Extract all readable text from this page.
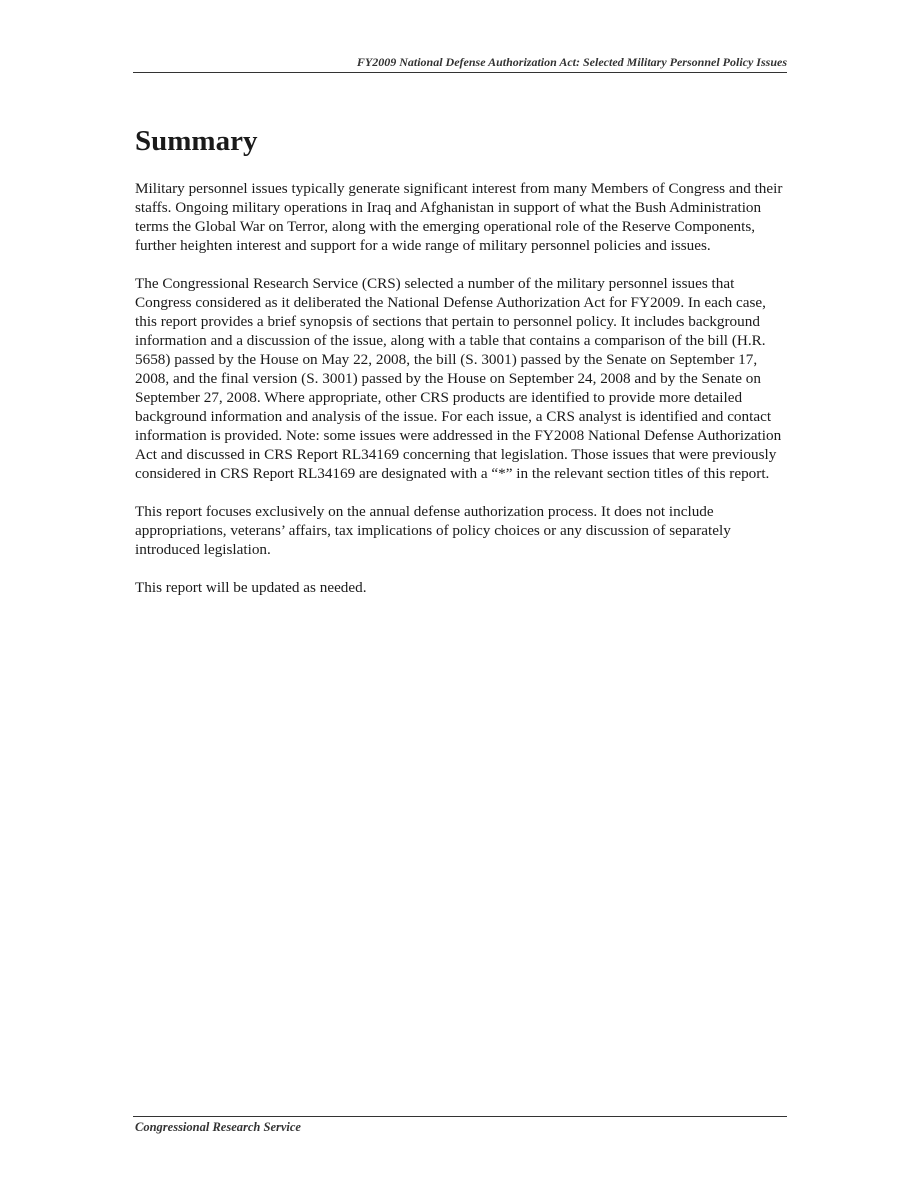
FY2009 National Defense Authorization Act: Selected Military Personnel Policy Issues
Summary

Military personnel issues typically generate significant interest from many Members of Congress and their staffs. Ongoing military operations in Iraq and Afghanistan in support of what the Bush Administration terms the Global War on Terror, along with the emerging operational role of the Reserve Components, further heighten interest and support for a wide range of military personnel policies and issues.

The Congressional Research Service (CRS) selected a number of the military personnel issues that Congress considered as it deliberated the National Defense Authorization Act for FY2009. In each case, this report provides a brief synopsis of sections that pertain to personnel policy. It includes background information and a discussion of the issue, along with a table that contains a comparison of the bill (H.R. 5658) passed by the House on May 22, 2008, the bill (S. 3001) passed by the Senate on September 17, 2008, and the final version (S. 3001) passed by the House on September 24, 2008 and by the Senate on September 27, 2008. Where appropriate, other CRS products are identified to provide more detailed background information and analysis of the issue. For each issue, a CRS analyst is identified and contact information is provided. Note: some issues were addressed in the FY2008 National Defense Authorization Act and discussed in CRS Report RL34169 concerning that legislation. Those issues that were previously considered in CRS Report RL34169 are designated with a “*” in the relevant section titles of this report.

This report focuses exclusively on the annual defense authorization process. It does not include appropriations, veterans’ affairs, tax implications of policy choices or any discussion of separately introduced legislation.

This report will be updated as needed.

Congressional Research Service
